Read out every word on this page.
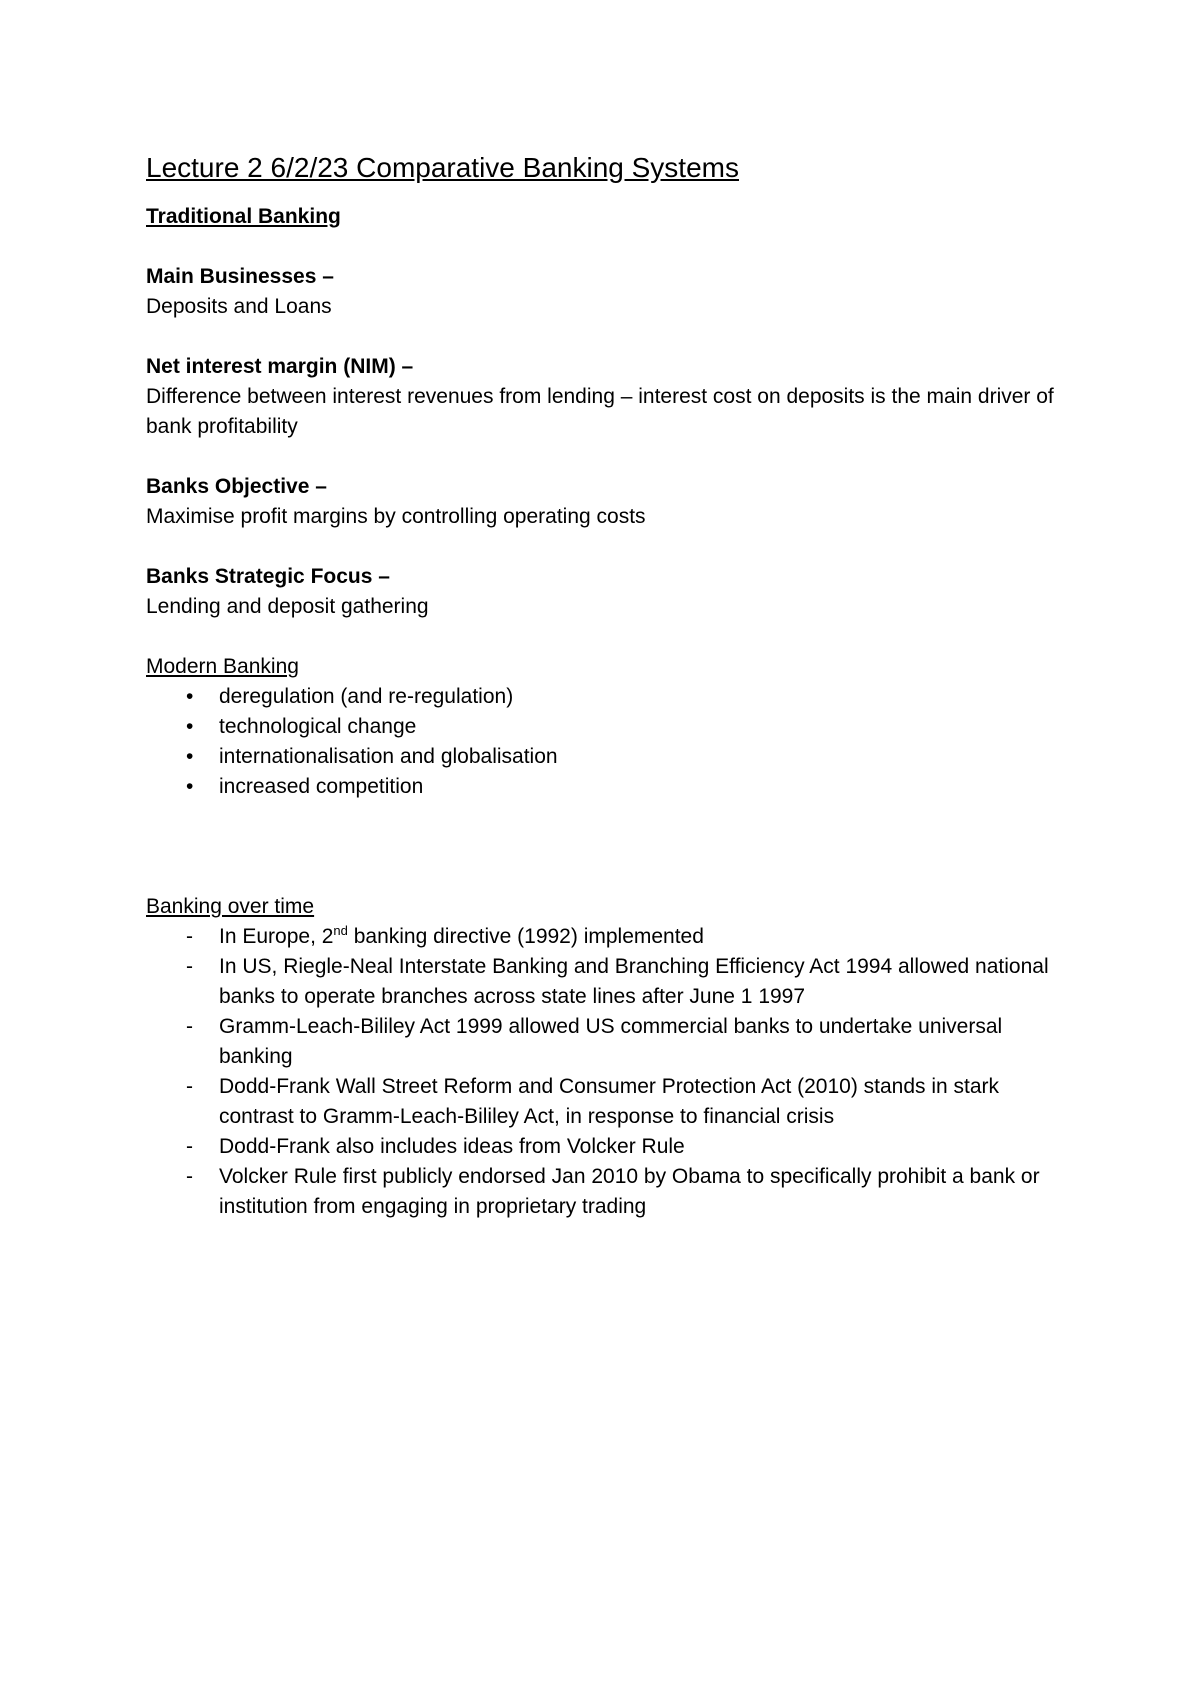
Lecture 2 6/2/23 Comparative Banking Systems
Traditional Banking
Main Businesses –
Deposits and Loans
Net interest margin (NIM) –
Difference between interest revenues from lending – interest cost on deposits is the main driver of bank profitability
Banks Objective –
Maximise profit margins by controlling operating costs
Banks Strategic Focus –
Lending and deposit gathering
Modern Banking
•	deregulation (and re-regulation)
•	technological change
•	internationalisation and globalisation
•	increased competition
Banking over time
-	In Europe, 2nd banking directive (1992) implemented
-	In US, Riegle-Neal Interstate Banking and Branching Efficiency Act 1994 allowed national banks to operate branches across state lines after June 1 1997
-	Gramm-Leach-Bililey Act 1999 allowed US commercial banks to undertake universal banking
-	Dodd-Frank Wall Street Reform and Consumer Protection Act (2010) stands in stark contrast to Gramm-Leach-Bililey Act, in response to financial crisis
-	Dodd-Frank also includes ideas from Volcker Rule
-	Volcker Rule first publicly endorsed Jan 2010 by Obama to specifically prohibit a bank or institution from engaging in proprietary trading
